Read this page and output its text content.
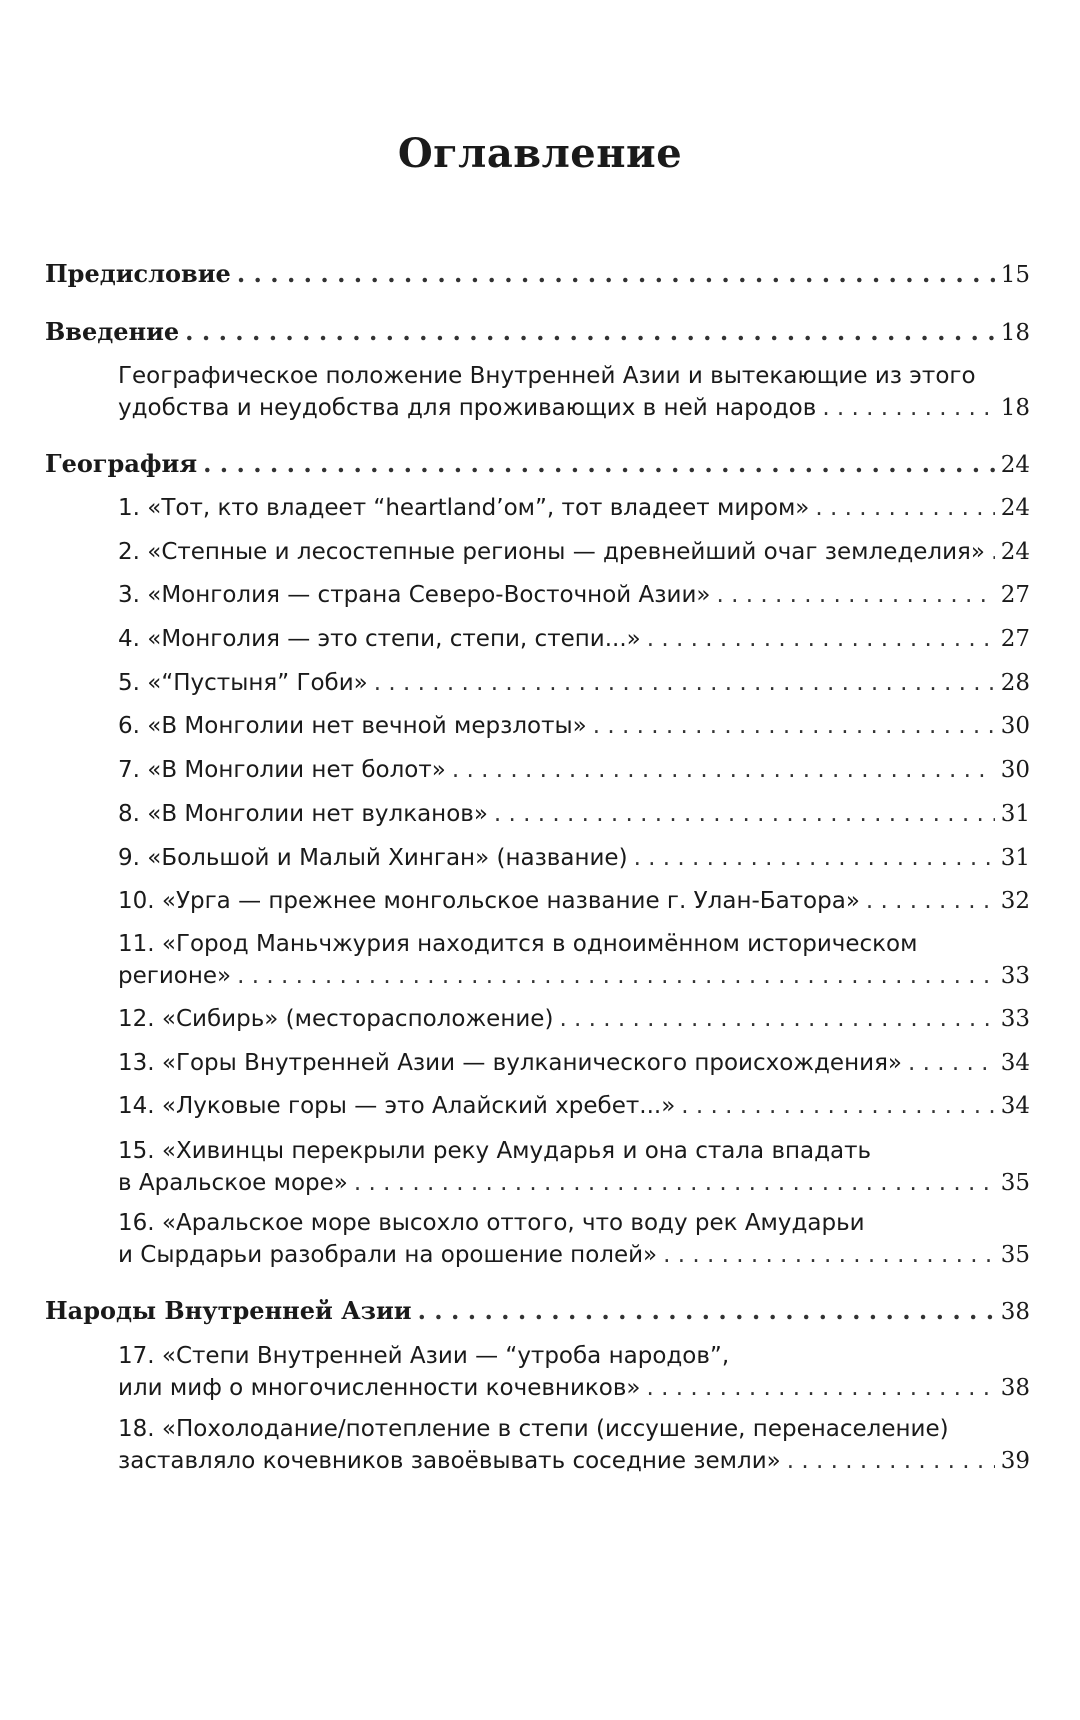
Оглавление
Предисловие . . .	15
Введение . . .	18
Географическое положение Внутренней Азии и вытекающие из этого
удобства и неудобства для проживающих в ней народов . . .	18
География . . .	24
1. «Тот, кто владеет “heartland’ом”, тот владеет миром» . . .	24
2. «Степные и лесостепные регионы — древнейший очаг земледелия» . . . 24
3. «Монголия — страна Северо-Восточной Азии» . . .	27
4. «Монголия — это степи, степи, степи...» . . .	27
5. «“Пустыня” Гоби» . . .	28
6. «В Монголии нет вечной мерзлоты» . . .	30
7. «В Монголии нет болот» . . .	30
8. «В Монголии нет вулканов» . . .	31
9. «Большой и Малый Хинган» (название) . . .	31
10. «Урга — прежнее монгольское название г. Улан-Батора» . . .	32
11. «Город Маньчжурия находится в одноимённом историческом
регионе» . . .	33
12. «Сибирь» (месторасположение) . . .	33
13. «Горы Внутренней Азии — вулканического происхождения» . . .	34
14. «Луковые горы — это Алайский хребет...» . . .	34
15. «Хивинцы перекрыли реку Амударья и она стала впадать
в Аральское море» . . .	35
16. «Аральское море высохло оттого, что воду рек Амударьи
и Сырдарьи разобрали на орошение полей» . . .	35
Народы Внутренней Азии . . .	38
17. «Степи Внутренней Азии — “утроба народов”,
или миф о многочисленности кочевников» . . .	38
18. «Похолодание/потепление в степи (иссушение, перенаселение)
заставляло кочевников завоёвывать соседние земли» . . .	39
